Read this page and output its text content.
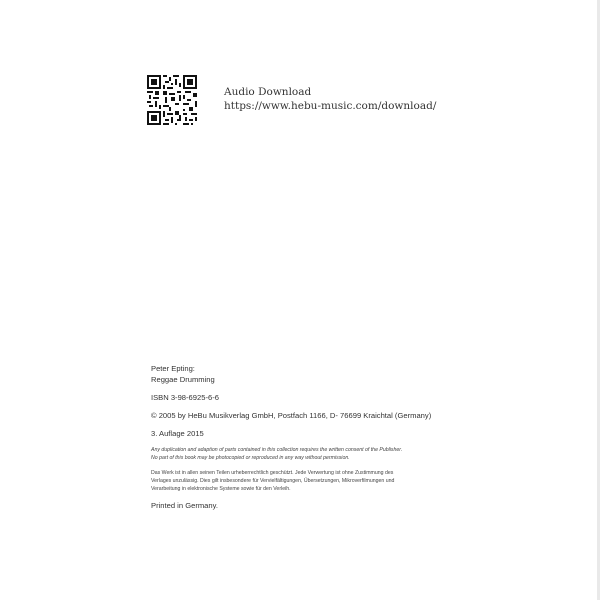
Audio Download
https://www.hebu-music.com/download/
Peter Epting:
Reggae Drumming
ISBN 3-98-6925-6-6
© 2005 by HeBu Musikverlag GmbH, Postfach 1166, D- 76699 Kraichtal (Germany)
3. Auflage 2015
Any duplication and adaption of parts contained in this collection requires the written consent of the Publisher.
No part of this book may be photocopied or reproduced in any way without permission.
Das Werk ist in allen seinen Teilen urheberrechtlich geschützt. Jede Verwertung ist ohne Zustimmung des
Verlages unzulässig. Dies gilt insbesondere für Vervielfältigungen, Übersetzungen, Mikroverfilmungen und
Verarbeitung in elektronische Systeme sowie für den Verleih.
Printed in Germany.
